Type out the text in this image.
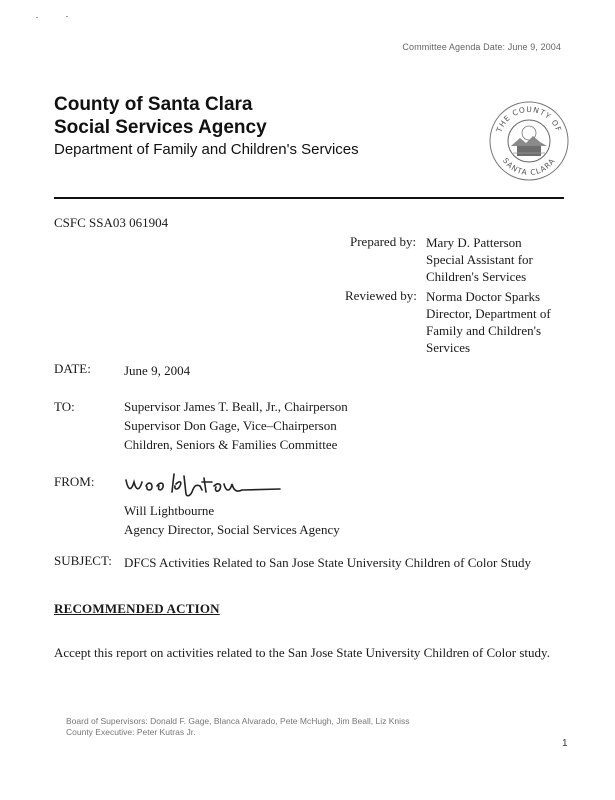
Committee Agenda Date: June 9, 2004
County of Santa Clara
Social Services Agency
Department of Family and Children's Services
THE COUNTY OF
SANTA CLARA
CSFC SSA03 061904
Prepared by: Mary D. Patterson
Special Assistant for
Children's Services
Reviewed by: Norma Doctor Sparks
Director, Department of
Family and Children's
Services
DATE:	June 9, 2004
TO:	Supervisor James T. Beall, Jr., Chairperson
Supervisor Don Gage, Vice–Chairperson
Children, Seniors & Families Committee
FROM:
Will Lightbourne
Agency Director, Social Services Agency
SUBJECT: DFCS Activities Related to San Jose State University Children of Color Study
RECOMMENDED ACTION
Accept this report on activities related to the San Jose State University Children of Color study.
Board of Supervisors: Donald F. Gage, Blanca Alvarado, Pete McHugh, Jim Beall, Liz Kniss
County Executive: Peter Kutras Jr.
1
